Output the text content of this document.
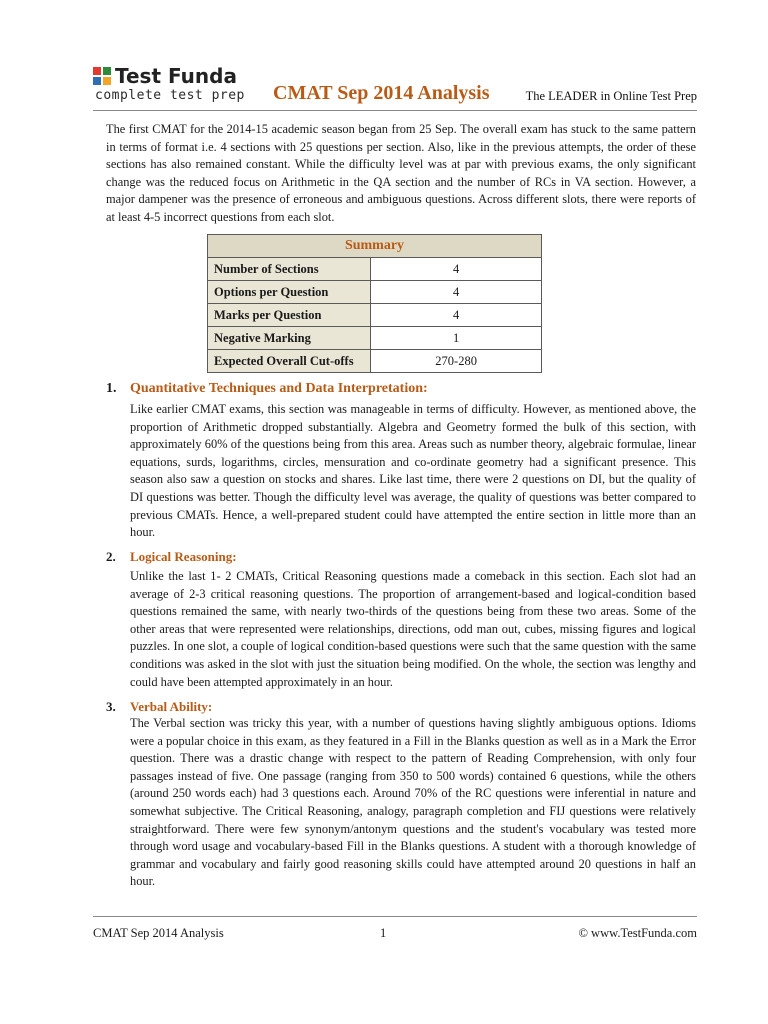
Test Funda
complete test prep CMAT Sep 2014 Analysis	The LEADER in Online Test Prep
The first CMAT for the 2014-15 academic season began from 25 Sep. The overall exam has stuck to the same pattern in terms of format i.e. 4 sections with 25 questions per section. Also, like in the previous attempts, the order of these sections has also remained constant. While the difficulty level was at par with previous exams, the only significant change was the reduced focus on Arithmetic in the QA section and the number of RCs in VA section. However, a major dampener was the presence of erroneous and ambiguous questions. Across different slots, there were reports of at least 4-5 incorrect questions from each slot.
Summary	
Number of Sections	4
Options per Question	4
Marks per Question	4
Negative Marking	1
Expected Overall Cut-offs	270-280
1. Quantitative Techniques and Data Interpretation:
Like earlier CMAT exams, this section was manageable in terms of difficulty. However, as mentioned above, the proportion of Arithmetic dropped substantially. Algebra and Geometry formed the bulk of this section, with approximately 60% of the questions being from this area. Areas such as number theory, algebraic formulae, linear equations, surds, logarithms, circles, mensuration and co-ordinate geometry had a significant presence. This season also saw a question on stocks and shares. Like last time, there were 2 questions on DI, but the quality of DI questions was better. Though the difficulty level was average, the quality of questions was better compared to previous CMATs. Hence, a well-prepared student could have attempted the entire section in little more than an hour.
2. Logical Reasoning:
Unlike the last 1- 2 CMATs, Critical Reasoning questions made a comeback in this section. Each slot had an average of 2-3 critical reasoning questions. The proportion of arrangement-based and logical-condition based questions remained the same, with nearly two-thirds of the questions being from these two areas. Some of the other areas that were represented were relationships, directions, odd man out, cubes, missing figures and logical puzzles. In one slot, a couple of logical condition-based questions were such that the same question with the same conditions was asked in the slot with just the situation being modified. On the whole, the section was lengthy and could have been attempted approximately in an hour.
3. Verbal Ability:
The Verbal section was tricky this year, with a number of questions having slightly ambiguous options. Idioms were a popular choice in this exam, as they featured in a Fill in the Blanks question as well as in a Mark the Error question. There was a drastic change with respect to the pattern of Reading Comprehension, with only four passages instead of five. One passage (ranging from 350 to 500 words) contained 6 questions, while the others (around 250 words each) had 3 questions each. Around 70% of the RC questions were inferential in nature and somewhat subjective. The Critical Reasoning, analogy, paragraph completion and FIJ questions were relatively straightforward. There were few synonym/antonym questions and the student's vocabulary was tested more through word usage and vocabulary-based Fill in the Blanks questions. A student with a thorough knowledge of grammar and vocabulary and fairly good reasoning skills could have attempted around 20 questions in half an hour.
CMAT Sep 2014 Analysis	1	© www.TestFunda.com
